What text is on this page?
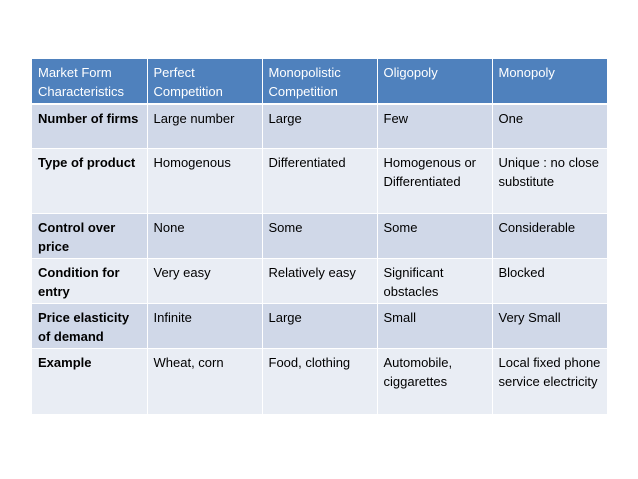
Market Form Characteristics	Perfect Competition	Monopolistic Competition	Oligopoly	Monopoly
Number of firms	Large number	Large	Few	One
Type of product	Homogenous	Differentiated	Homogenous or Differentiated	Unique : no close substitute
Control over price	None	Some	Some	Considerable
Condition for entry	Very easy	Relatively easy	Significant obstacles	Blocked
Price elasticity of demand	Infinite	Large	Small	Very Small
Example	Wheat, corn	Food, clothing	Automobile, ciggarettes	Local fixed phone service electricity
